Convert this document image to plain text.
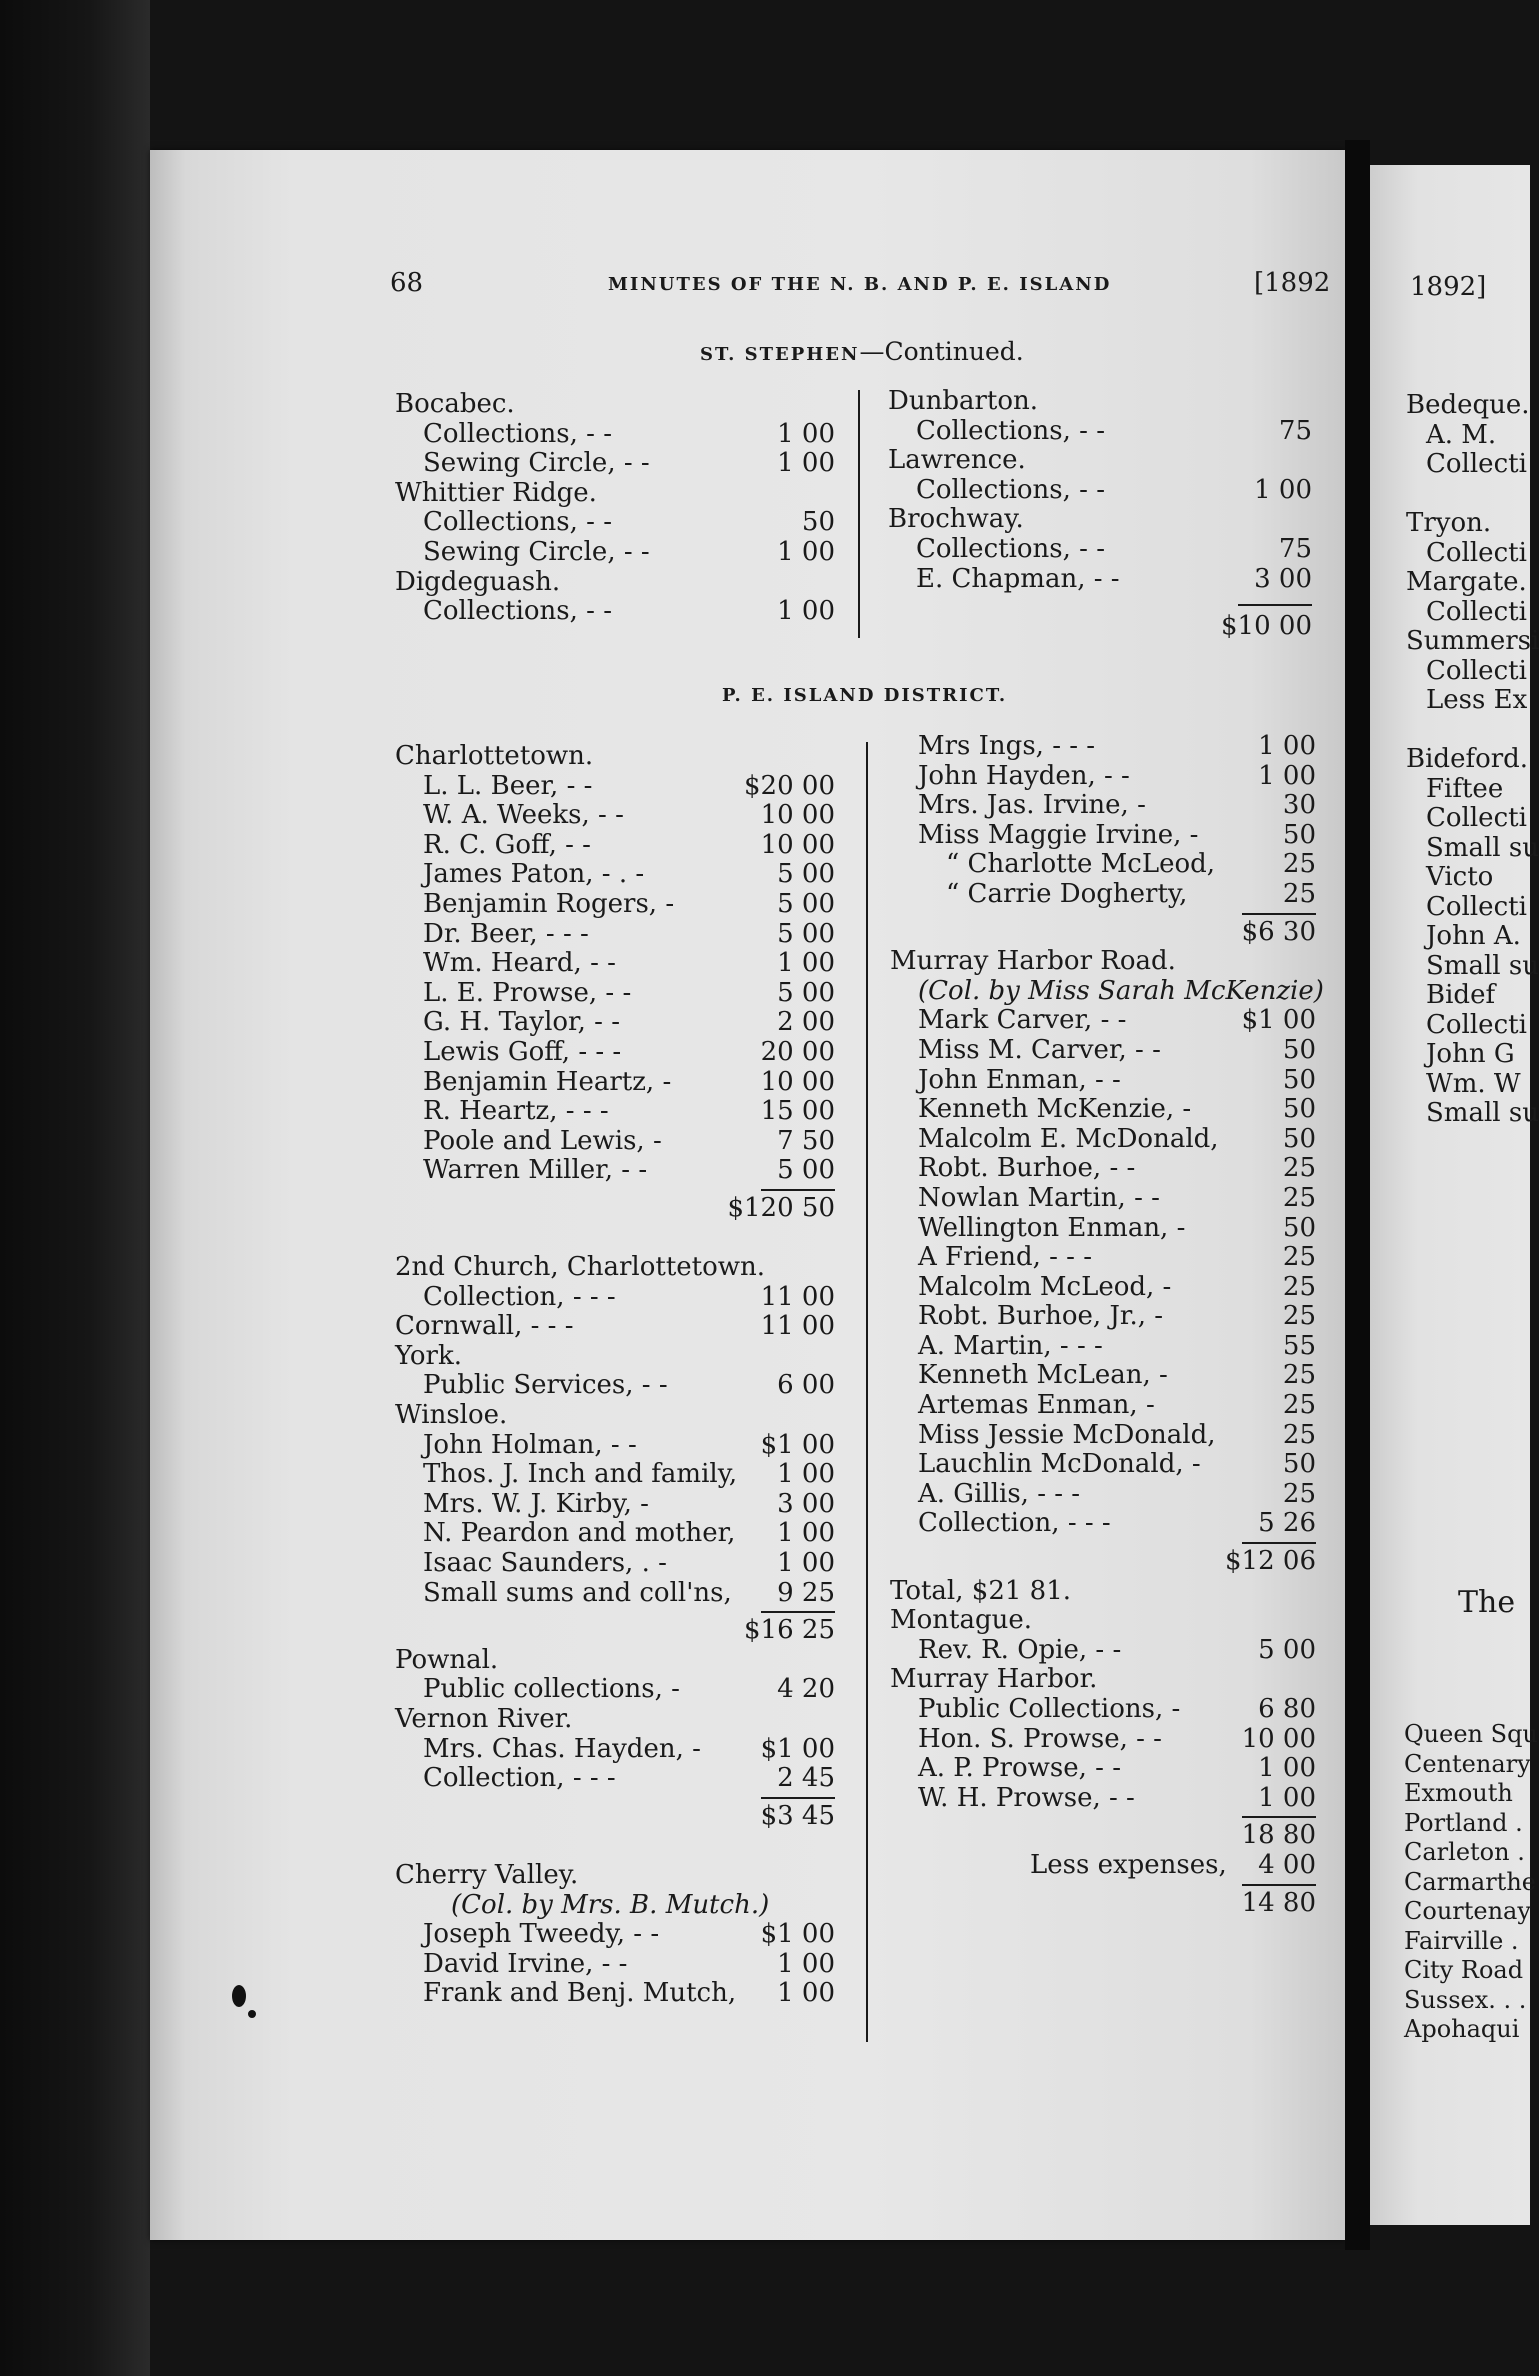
1892]
Bedeque.
A. M.
Collecti
Tryon.
Collecti
Margate.
Collecti
Summersi
Collecti
Less Ex
Bideford.
Fiftee
Collecti
Small su
Victo
Collecti
John A.
Small su
Bidef
Collecti
John G
Wm. W
Small su
The
Queen Squ
Centenary
Exmouth
Portland .
Carleton .
Carmarthe
Courtenay
Fairville .
City Road
Sussex. . .
Apohaqui
68	MINUTES OF THE N. B. AND P. E. ISLAND	[1892
ST. STEPHEN—Continued.
Bocabec.
Collections, - -	1 00
Sewing Circle, - -	1 00
Whittier Ridge.
Collections, - -	50
Sewing Circle, - -	1 00
Digdeguash.
Collections, - -	1 00
Dunbarton.
Collections, - -	75
Lawrence.
Collections, - -	1 00
Brochway.
Collections, - -	75
E. Chapman, - -	3 00
$10 00
P. E. ISLAND DISTRICT.
Charlottetown.
L. L. Beer, - -	$20 00
W. A. Weeks, - -	10 00
R. C. Goff, - -	10 00
James Paton, - . -	5 00
Benjamin Rogers, -	5 00
Dr. Beer, - - -	5 00
Wm. Heard, - -	1 00
L. E. Prowse, - -	5 00
G. H. Taylor, - -	2 00
Lewis Goff, - - -	20 00
Benjamin Heartz, -	10 00
R. Heartz, - - -	15 00
Poole and Lewis, -	7 50
Warren Miller, - -	5 00
$120 50
2nd Church, Charlottetown.
Collection, - - -	11 00
Cornwall, - - -	11 00
York.
Public Services, - -	6 00
Winsloe.
John Holman, - -	$1 00
Thos. J. Inch and family, 1 00
Mrs. W. J. Kirby, -	3 00
N. Peardon and mother, 1 00
Isaac Saunders, . -	1 00
Small sums and coll'ns, 9 25
$16 25
Pownal.
Public collections, -	4 20
Vernon River.
Mrs. Chas. Hayden, - $1 00
Collection, - - -	2 45
$3 45
Cherry Valley.
(Col. by Mrs. B. Mutch.)
Joseph Tweedy, - -	$1 00
David Irvine, - -	1 00
Frank and Benj. Mutch, 1 00
Mrs Ings, - - -	1 00
John Hayden, - -	1 00
Mrs. Jas. Irvine, -	30
Miss Maggie Irvine, -	50
“ Charlotte McLeod,	25
“ Carrie Dogherty,	25
$6 30
Murray Harbor Road.
(Col. by Miss Sarah McKenzie)
Mark Carver, - -	$1 00
Miss M. Carver, - -	50
John Enman, - -	50
Kenneth McKenzie, -	50
Malcolm E. McDonald, 50
Robt. Burhoe, - -	25
Nowlan Martin, - -	25
Wellington Enman, -	50
A Friend, - - -	25
Malcolm McLeod, -	25
Robt. Burhoe, Jr., -	25
A. Martin, - - -	55
Kenneth McLean, -	25
Artemas Enman, -	25
Miss Jessie McDonald,	25
Lauchlin McDonald, -	50
A. Gillis, - - -	25
Collection, - - -	5 26
$12 06
Total, $21 81.
Montague.
Rev. R. Opie, - -	5 00
Murray Harbor.
Public Collections, -	6 80
Hon. S. Prowse, - -	10 00
A. P. Prowse, - -	1 00
W. H. Prowse, - -	1 00
18 80
Less expenses, 4 00
14 80
